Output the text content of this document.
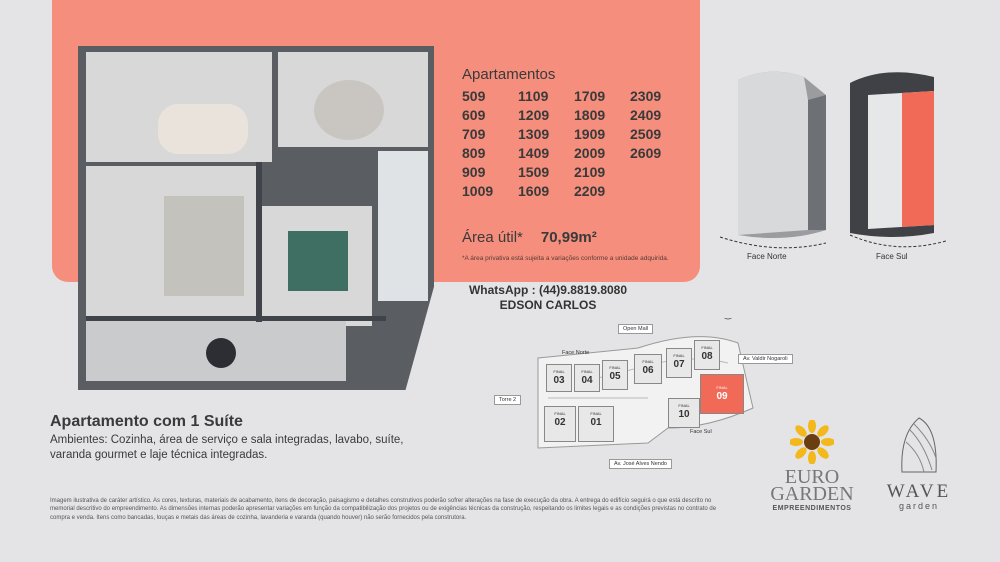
Apartamentos
509	1109	1709	2309
609	1209	1809	2409
709	1309	1909	2509
809	1409	2009	2609
909	1509	2109
1009	1609	2209
Área útil* 70,99m²
*A área privativa está sujeita a variações conforme a unidade adquirida.
WhatsApp : (44)9.8819.8080
EDSON CARLOS
Face Norte	Face Sul
Open Mall
Face Norte
Face Sul
Torre 2
Av. Valdir Nogaroli
Av. José Alves Nendo
FINAL
03
FINAL
04
FINAL
05
FINAL
06
FINAL
07
FINAL
08
FINAL
02
FINAL
01
FINAL
10
FINAL
09
Apartamento com 1 Suíte
Ambientes: Cozinha, área de serviço e sala integradas, lavabo, suíte, varanda gourmet e laje técnica integradas.
Imagem ilustrativa de caráter artístico. As cores, texturas, materiais de acabamento, itens de decoração, paisagismo e detalhes construtivos poderão sofrer alterações na fase de execução da obra. A entrega do edifício seguirá o que está descrito no memorial descritivo do empreendimento. As dimensões internas poderão apresentar variações em função da compatibilização dos projetos ou de exigências técnicas da construção, respeitando os limites legais e as condições previstas no contrato de compra e venda. Itens como bancadas, louças e metais das áreas de cozinha, lavanderia e varanda (quando houver) não serão fornecidos pela construtora.
EURO
GARDEN
EMPREENDIMENTOS
WAVE
garden
